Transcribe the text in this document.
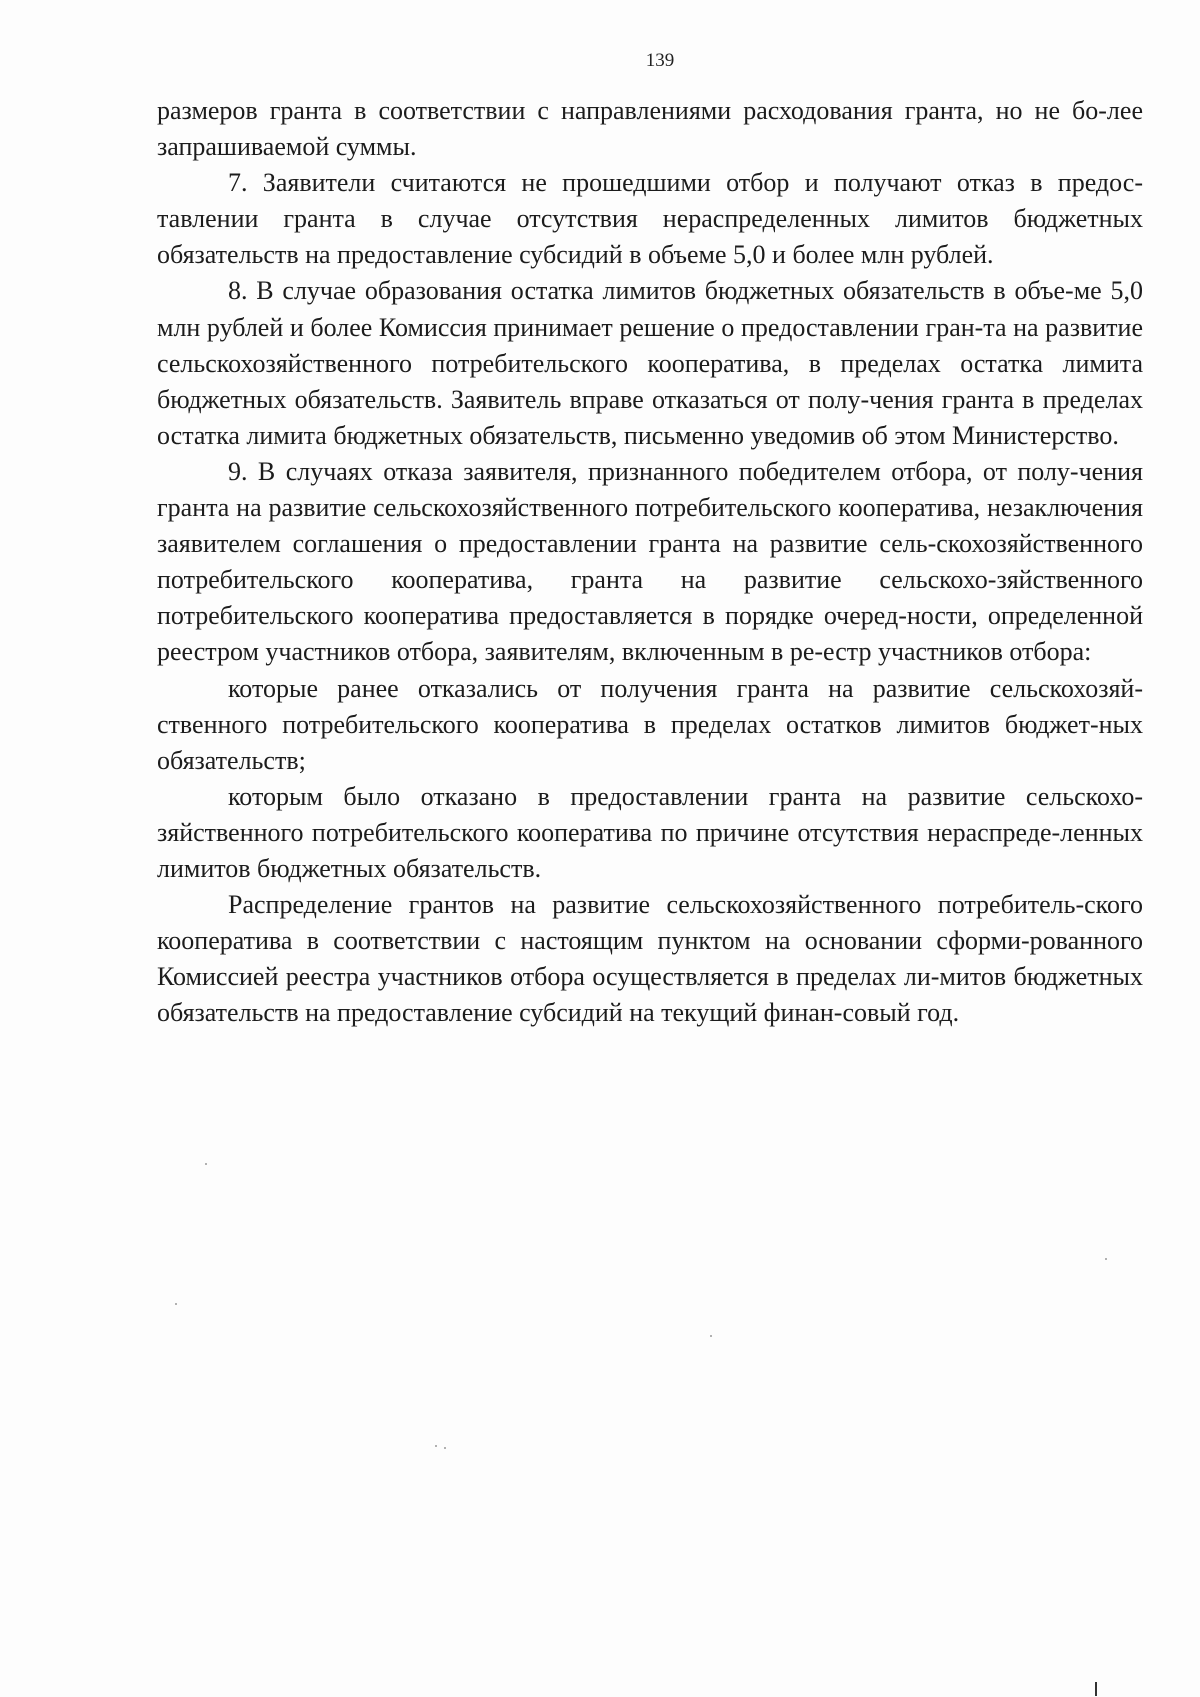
139

размеров гранта в соответствии с направлениями расходования гранта, но не бо-лее запрашиваемой суммы.

7. Заявители считаются не прошедшими отбор и получают отказ в предос-тавлении гранта в случае отсутствия нераспределенных лимитов бюджетных обязательств на предоставление субсидий в объеме 5,0 и более млн рублей.

8. В случае образования остатка лимитов бюджетных обязательств в объе-ме 5,0 млн рублей и более Комиссия принимает решение о предоставлении гран-та на развитие сельскохозяйственного потребительского кооператива, в пределах остатка лимита бюджетных обязательств. Заявитель вправе отказаться от полу-чения гранта в пределах остатка лимита бюджетных обязательств, письменно уведомив об этом Министерство.

9. В случаях отказа заявителя, признанного победителем отбора, от полу-чения гранта на развитие сельскохозяйственного потребительского кооператива, незаключения заявителем соглашения о предоставлении гранта на развитие сель-скохозяйственного потребительского кооператива, гранта на развитие сельскохо-зяйственного потребительского кооператива предоставляется в порядке очеред-ности, определенной реестром участников отбора, заявителям, включенным в ре-естр участников отбора:

которые ранее отказались от получения гранта на развитие сельскохозяй-ственного потребительского кооператива в пределах остатков лимитов бюджет-ных обязательств;

которым было отказано в предоставлении гранта на развитие сельскохо-зяйственного потребительского кооператива по причине отсутствия нераспреде-ленных лимитов бюджетных обязательств.

Распределение грантов на развитие сельскохозяйственного потребитель-ского кооператива в соответствии с настоящим пунктом на основании сформи-рованного Комиссией реестра участников отбора осуществляется в пределах ли-митов бюджетных обязательств на предоставление субсидий на текущий финан-совый год.
